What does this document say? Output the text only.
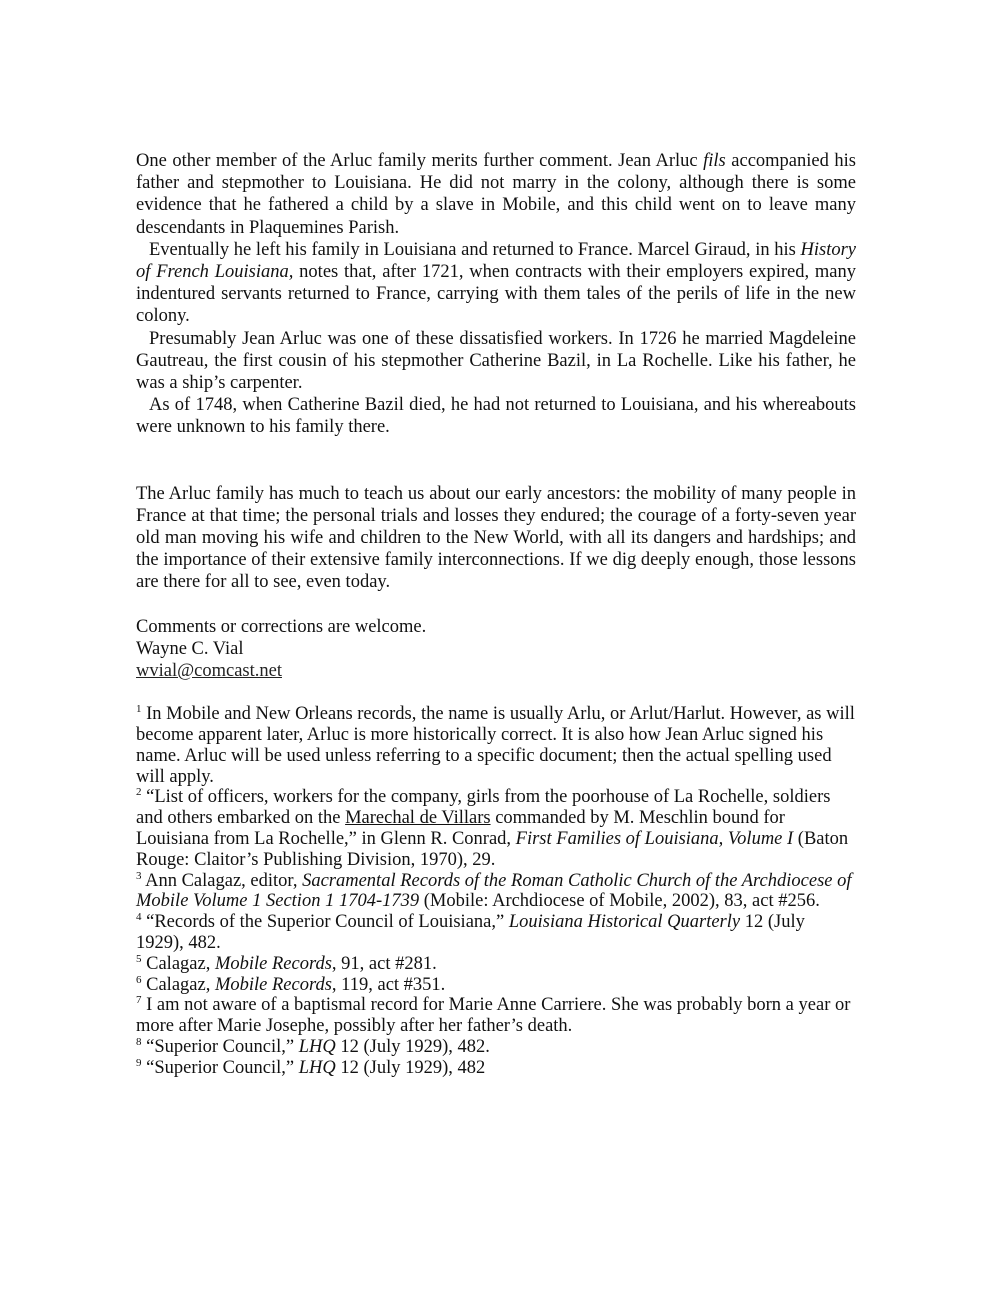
One other member of the Arluc family merits further comment. Jean Arluc fils accompanied his father and stepmother to Louisiana. He did not marry in the colony, although there is some evidence that he fathered a child by a slave in Mobile, and this child went on to leave many descendants in Plaquemines Parish.

Eventually he left his family in Louisiana and returned to France. Marcel Giraud, in his History of French Louisiana, notes that, after 1721, when contracts with their employers expired, many indentured servants returned to France, carrying with them tales of the perils of life in the new colony.

Presumably Jean Arluc was one of these dissatisfied workers. In 1726 he married Magdeleine Gautreau, the first cousin of his stepmother Catherine Bazil, in La Rochelle. Like his father, he was a ship’s carpenter.

As of 1748, when Catherine Bazil died, he had not returned to Louisiana, and his whereabouts were unknown to his family there.

The Arluc family has much to teach us about our early ancestors: the mobility of many people in France at that time; the personal trials and losses they endured; the courage of a forty-seven year old man moving his wife and children to the New World, with all its dangers and hardships; and the importance of their extensive family interconnections. If we dig deeply enough, those lessons are there for all to see, even today.

Comments or corrections are welcome.

Wayne C. Vial

wvial@comcast.net

$^1$ In Mobile and New Orleans records, the name is usually Arlu, or Arlut/Harlut. However, as will become apparent later, Arluc is more historically correct. It is also how Jean Arluc signed his name. Arluc will be used unless referring to a specific document; then the actual spelling used will apply.

$^2$ “List of officers, workers for the company, girls from the poorhouse of La Rochelle, soldiers and others embarked on the Marechal de Villars commanded by M. Meschlin bound for Louisiana from La Rochelle,” in Glenn R. Conrad, First Families of Louisiana, Volume I (Baton Rouge: Claitor’s Publishing Division, 1970), 29.

$^3$ Ann Calagaz, editor, Sacramental Records of the Roman Catholic Church of the Archdiocese of Mobile Volume 1 Section 1 1704-1739 (Mobile: Archdiocese of Mobile, 2002), 83, act #256.

$^4$ “Records of the Superior Council of Louisiana,” Louisiana Historical Quarterly 12 (July 1929), 482.

$^5$ Calagaz, Mobile Records, 91, act #281.

$^6$ Calagaz, Mobile Records, 119, act #351.

$^7$ I am not aware of a baptismal record for Marie Anne Carriere. She was probably born a year or more after Marie Josephe, possibly after her father’s death.

$^8$ “Superior Council,” LHQ 12 (July 1929), 482.

$^9$ “Superior Council,” LHQ 12 (July 1929), 482
